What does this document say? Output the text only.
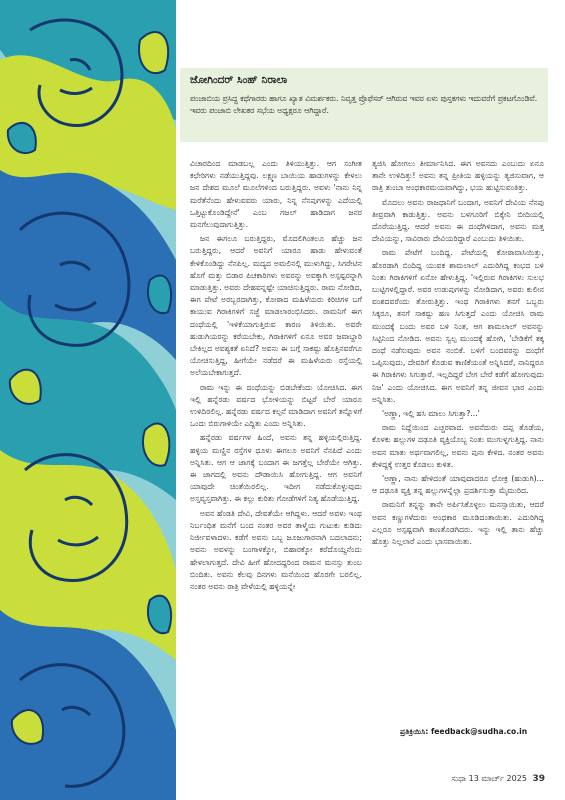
ಜೋಗಿಂದರ್ ಸಿಂಹ್ ನಿರಾಲಾ

ಪಂಜಾಬಿಯ ಪ್ರಸಿದ್ಧ ಕಥೆಗಾರರು ಹಾಗೂ ಖ್ಯಾತ ವಿಮರ್ಶಕರು. ನಿವೃತ್ತ ಪ್ರೊಫೆಸರ್ ಆಗಿರುವ ಇವರ ಏಳು ಪುಸ್ತಕಗಳು ಇದುವರೆಗೆ ಪ್ರಕಟಗೊಂಡಿವೆ. ಇವರು ಪಂಜಾಬಿ ಲೇಖಕರ ಸಭೆಯ ಅಧ್ಯಕ್ಷರೂ ಆಗಿದ್ದಾರೆ.

ವಿಚಾರದಿಂದ ಮಾಡಬಲ್ಲ ಎಂದು ತಿಳಿಯುತ್ತಿತ್ತು. ಆಗ ಸಂಗೀತ ಕಛೇರಿಗಳು ನಡೆಯುತ್ತಿದ್ದವು. ಲಕ್ಷ್ಮಣ ಬಾಯಿಯ ಹಾಡುಗಳನ್ನು ಕೇಳಲು ಜನ ದೇಶದ ಮೂಲೆ ಮೂಲೆಗಳಿಂದ ಬರುತ್ತಿದ್ದರು. ಅವಳು 'ನಾನು ನಿನ್ನ ಮರೆತೆನೆಂದು ಹೇಳುವವರು ಯಾರು, ನಿನ್ನ ನೆನಪುಗಳನ್ನು ಎದೆಯಲ್ಲಿ ಒತ್ತಿಟ್ಟುಕೊಂಡಿದ್ದೇನೆ' ಎಂಬ ಗಜಲ್ ಹಾಡಿದಾಗ ಜನರ ಮನಗೆಲುವುದಾಗುತ್ತಿತ್ತು.

ಜನ ಈಗಲೂ ಬರುತ್ತಿದ್ದರು, ಮೊದಲಿಗಿಂತಲೂ ಹೆಚ್ಚು ಜನ ಬರುತ್ತಿದ್ದರು, ಆದರೆ ಅವನಿಗೆ ಯಾರೂ ಹಾಡು ಹೇಳುವಂತೆ ಕೇಳಿಕೊಂಡಿದ್ದು ನೆನಪಿಲ್ಲ. ಮದ್ಯದ ಅಮಲಿನಲ್ಲಿ ಮುಳುಗಿದ್ದು, ಸಿಗರೇಟಿನ ಹೊಗೆ ಮತ್ತು ಬಿಡಾರ ಪಿಚಕಾರಿಗಳು ಅವರನ್ನು ಅವಕ್ಕಾಗಿ ಅಸ್ಪಷ್ಟರನ್ನಾಗಿ ಮಾಡುತ್ತಿತ್ತು. ಅವರು ದೇಹವನ್ನಷ್ಟೇ ಯಾಚಿಸುತ್ತಿದ್ದರು. ರಾಮ ನೋಡಿದ, ಈಗ ಪೇಟೆ ಅರಬ್ಬರದಾಗಿತ್ತು, ಕೋಠಾದ ಮಹಿಳೆಯರು ಕಿರಿಚಿಗಳ ಬಗೆ ಕಾಯುವ ಗಿರಾಕಿಗಳಿಗೆ ಸಜ್ಜೆ ಮಾಡಲಾರಂಭಿಸಿದರು. ರಾಮನಿಗೆ ಈಗ ದಂಧೆಯಲ್ಲಿ 'ಇಳಿಕೆಯಾಗುತ್ತಿರುವ ಕಾರಣ ತಿಳಿಯಿತು. ಅವರೇ ಹುಡುಗಿಯರನ್ನು ಕರೆಯಬೇಕು, ಗಿರಾಕಿಗಳಿಗೆ ಏನೂ ಅವರ ಜವಾಬ್ದಾರಿ ಬೇಕಿಲ್ಲದ ಅವಶ್ಯಕತೆ ಏನಿದೆ? ಅವನು ಈ ಬಗ್ಗೆ ಸಾಕಷ್ಟು ಹೊತ್ತಿನವರೆಗೂ ಯೋಚಿಸುತ್ತಿದ್ದ, ಹೀಗೆಯೇ ನಡೆದರೆ ಈ ಮಹಿಳೆಯರು ರಸ್ತೆಯಲ್ಲಿ ಅಲೆಯಬೇಕಾಗುತ್ತದೆ.

ರಾಮ ಇನ್ನು ಈ ದಂಧೆಯನ್ನು ಬಿಡಬೇಕೆಂದು ಯೋಚಿಸಿದ. ಈಗ ಇಲ್ಲಿ ಹನ್ನೆರಡು ವರ್ಷದ ಭೋಳಿಯನ್ನು ಬಿಟ್ಟರೆ ಬೇರೆ ಯಾರೂ ಉಳಿದಿರಲಿಲ್ಲ. ಹನ್ನೆರಡು ವರ್ಷದ ಕಲ್ಪನೆ ಮಾಡಿದಾಗ ಅವನಿಗೆ ತನ್ನೊಳಗೆ ಒಂದು ಬಿರುಗಾಳಿಯೇ ಎದ್ದಿತು ಎಂದು ಅನ್ನಿಸಿತು.

ಹನ್ನೆರಡು ವರ್ಷಗಳ ಹಿಂದೆ, ಅವನು ತನ್ನ ಹಳ್ಳಿಯಲ್ಲಿರುತ್ತಿದ್ದ. ಹಳ್ಳಿಯ ಮಣ್ಣಿನ ರಸ್ತೆಗಳ ಧೂಳು ಈಗಲೂ ಅವನಿಗೆ ನೆನಪಿದೆ ಎಂದು ಅನ್ನಿಸಿತು. ಆಗ ಆ ಜಾಗಕ್ಕೆ ಬಂದಾಗ ಈ ಜಗತ್ತೆಲ್ಲ ಬೇರೆಯೇ ಆಗಿತ್ತು. ಈ ಜಾಗದಲ್ಲಿ ಅವನು ದೌಡಾಯಿಸಿ ಹೋಗುತ್ತಿದ್ದ. ಆಗ ಅವನಿಗೆ ಯಾವುದೇ ಚಿಂತೆಯಿರಲಿಲ್ಲ. ಇದೀಗ ನಡೆದುಕೊಳ್ಳುವುದು ಅಸ್ತವ್ಯಸ್ತವಾಗಿತ್ತು. ಈ ಕಲ್ಲು ಕುರಿತು ಗೋಡೆಗಳಿಗೆ ನಿತ್ಯ ಹೊಡೆಯುತ್ತಿದ್ದ.

ಅವನ ಹೆಂಡತಿ ದೇವಿ, ದೇವತೆಯೇ ಆಗಿದ್ದಳು. ಆದರೆ ಅವಳು ಇಂಥ ನಿರ್ಬಂಧಿತ ಮನೆಗೆ ಬಂದ ನಂತರ ಅವರ ತಾಳ್ಮೆಯ ಗುಟುಕು ಕುಡಿದು ನಿರ್ಜೀವಳಾದಳು. ಕಡೆಗೆ ಅವನು ಒಬ್ಬ ಜೂಜುಗಾರನಾಗಿ ಬದಲಾದನು; ಅವನು ಅವಳನ್ನು ಬಂಗಾಳಕ್ಕೋ, ಬಿಹಾರಕ್ಕೋ ಕರೆದೊಯ್ದನೆಂದು ಹೇಳಲಾಗುತ್ತದೆ. ದೇವಿ ಹೀಗೆ ಹೋದದ್ದರಿಂದ ರಾಮನ ಮನಸ್ಸು ತುಂಬ ಬಿಂದಿತು. ಅವನು ಕೆಲವು ದಿನಗಳು ಮನೆಯಿಂದ ಹೊರಗೇ ಬರಲಿಲ್ಲ. ನಂತರ ಅವನು ರಾತ್ರಿ ವೇಳೆಯಲ್ಲಿ ಹಳ್ಳಿಯನ್ನೇ

ತ್ಯಜಿಸಿ ಹೋಗಲು ತೀರ್ಮಾನಿಸಿದ. ಈಗ ಅವನದು ಎಂಬುದು ಏನೂ ತಾನೇ ಉಳಿದಿತ್ತು! ಅವನು ತನ್ನ ಪ್ರೀತಿಯ ಹಳ್ಳಿಯನ್ನು ತ್ಯಜಿಸುವಾಗ, ಆ ರಾತ್ರಿ ತುಂಬಾ ಅಂಧಕಾರಮಯವಾಗಿದ್ದು, ಭಯ ಹುಟ್ಟಿಸುವಂತಿತ್ತು.

ಮೊದಲು ಅವನು ರಾಜಧಾನಿಗೆ ಬಂದಾಗ, ಅವನಿಗೆ ದೇವಿಯ ನೆನಪು ತೀವ್ರವಾಗಿ ಕಾಡುತ್ತಿತ್ತು. ಅವನು ಬಳಗೂರಿಗೆ ಬಿಕ್ಕೇನಿ ಬೀದಿಯಲ್ಲಿ ದೊರೆಯುತ್ತಿದ್ದ. ಆದರೆ ಅವನು ಈ ದಂಧೆಗಿಳಿದಾಗ, ಅವನು ಮತ್ತ ದೇವಿಯನ್ನು, ಸಾವಿರಾರು ದೇವಿಯರಿದ್ದಾರೆ ಎಂಬುದು ತಿಳಿಯಿತು.

ರಾಮ ಪೇಟೆಗೆ ಬಂದಿದ್ದ. ಪೇಟೆಯಲ್ಲಿ ಕೋಠಾವಾಸಿಯಿತ್ತು, ಹೊರಡಾಗಿ ಬಿಂದಿದ್ದ ಯುವಕ ಶಾಮಲಾಲ್ ಎದುರಿಗಿದ್ದ ಕಂಭದ ಬಳಿ ನಿಂತು ಗಿರಾಕಿಗಳಿಗೆ ಏನೋ ಹೇಳುತ್ತಿದ್ದ. 'ಇಲ್ಲಿರುವ ಗಿರಾಕಿಗಳು ಸುಲಭ ಬುಟ್ಟಿಗಳಲ್ಲಿದ್ದಾರೆ. ಅವರ ಉಡುಪುಗಳನ್ನು ನೋಡಿದಾಗ, ಅವರು ಕುಲೀನ ವಂಶದವರೆಂದು ತೋರುತ್ತಿತ್ತು. ಇಂಥ ಗಿರಾಕಿಗಳು ತನಗೆ ಒಬ್ಬರು ಸಿಕ್ಕರೂ, ತನಗೆ ಸಾಕಷ್ಟು ಹಣ ಸಿಗುತ್ತದೆ ಎಂದು ಯೋಚಿಸಿ ರಾಮ ಮುಂದಕ್ಕೆ ಬಂದು ಅವರ ಬಳಿ ನಿಂತ, ಆಗ ಶಾಮಲಾಲ್ ಅವನನ್ನು ಸಿಟ್ಟಿನಿಂದ ನೋಡಿದ. ಅವನು ಸ್ವಲ್ಪ ಮುಂದಕ್ಕೆ ಹೋಗಿ, 'ಬೇಡಿಕೆಗೆ ತಕ್ಕ ದಂಧೆ ನಡೆಸುವುದು ಅವನ ನಂಬಿಕೆ. ಬಳಿಗೆ ಬಂದವರನ್ನು ದಂಧೆಗೆ ಒಪ್ಪಿಸುವುದು, ದೇವರಿಗೆ ಕೊಡುವ ಕಾಣಿಕೆಯಂತೆ ಅನ್ನಿಸಿದರೆ, ನಾನಿದ್ದರೂ ಈ ಗಿರಾಕಿಗಳು ಸಿಗುತ್ತಾರೆ. ಇಲ್ಲದಿದ್ದರೆ ಬೇಗ ಬೇರೆ ಕಡೆಗೆ ಹೋಗುವುದು ನಿಜ' ಎಂದು ಯೋಚಿಸಿದ. ಈಗ ಅವನಿಗೆ ತನ್ನ ಜೀವನ ಭಾರ ಎಂದು ಅನ್ನಿಸಿತು.

'ಅಣ್ಣಾ, ಇಲ್ಲಿ ಹಸಿ ಮಾಲು ಸಿಗುತ್ತಾ?...'

ರಾಮ ನಿದ್ದೆಯಿಂದ ಎಚ್ಚರವಾದ. ಅವನೆದುರು ದಪ್ಪ ತೊಡೆಯ, ಕೊಳಕು ಹಲ್ಲುಗಳ ದಢೂತಿ ವ್ಯಕ್ತಿಯೊಬ್ಬ ನಿಂತು ಮುಗುಳ್ನಗುತ್ತಿದ್ದ. ನಾನು ಅವನ ಮಾತು ಅರ್ಥವಾಗಲಿಲ್ಲ, ಅವನು ಪುನಃ ಕೇಳಿದ. ನಂತರ ಅವನು ಕೇಳಿದ್ದಕ್ಕೆ ಉತ್ತರ ಕೊಡಲು ಕುಳಿತ.

'ಅಣ್ಣಾ, ನಾನು ಹೇಳಿದಂತೆ ಯಾವುದಾದರೂ ಛೋಕ್ರ (ಹುಡುಗಿ)... ಆ ದಢೂತಿ ವ್ಯಕ್ತಿ ತನ್ನ ಹಲ್ಲುಗಳನ್ನೆಲ್ಲಾ ಪ್ರದರ್ಶಿಸುತ್ತಾ ಮೈಮುರಿದ.

ರಾಮನಿಗೆ ತನ್ನನ್ನು ತಾನೇ ಅರ್ಪಿಸಿಕೊಳ್ಳಲು ಮನಸ್ಸಾಯಿತು, ಆದರೆ ಅವನ ಕಣ್ಣುಗಳೆದುರು ಅಂಧಕಾರ ಮೂಡಿದಂತಾಯಿತು. ಎದುರಿಗಿದ್ದ ಎಲ್ಲರೂ ಅಸ್ಪಷ್ಟವಾಗಿ ಕಾಣತೊಡಗಿದರು. ಇನ್ನು ಇಲ್ಲಿ ತಾನು ಹೆಚ್ಚು ಹೊತ್ತು ನಿಲ್ಲಲಾರೆ ಎಂದು ಭಾಸವಾಯಿತು.

ಪ್ರತಿಕ್ರಿಯಿಸಿ: feedback@sudha.co.in
ಸುಧಾ 13 ಮಾರ್ಚ್ 2025 39
